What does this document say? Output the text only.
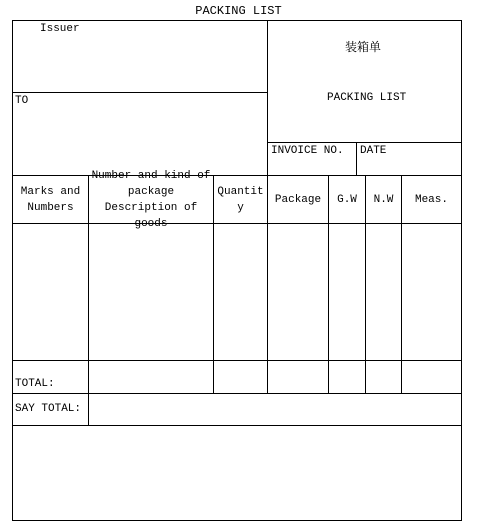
PACKING LIST
Issuer
TO
装箱单
PACKING LIST
INVOICE NO. DATE
Marks and
Numbers
Number and kind of
package
Description of goods
Quantit
y
Package G.W N.W Meas.
TOTAL:
SAY TOTAL:
